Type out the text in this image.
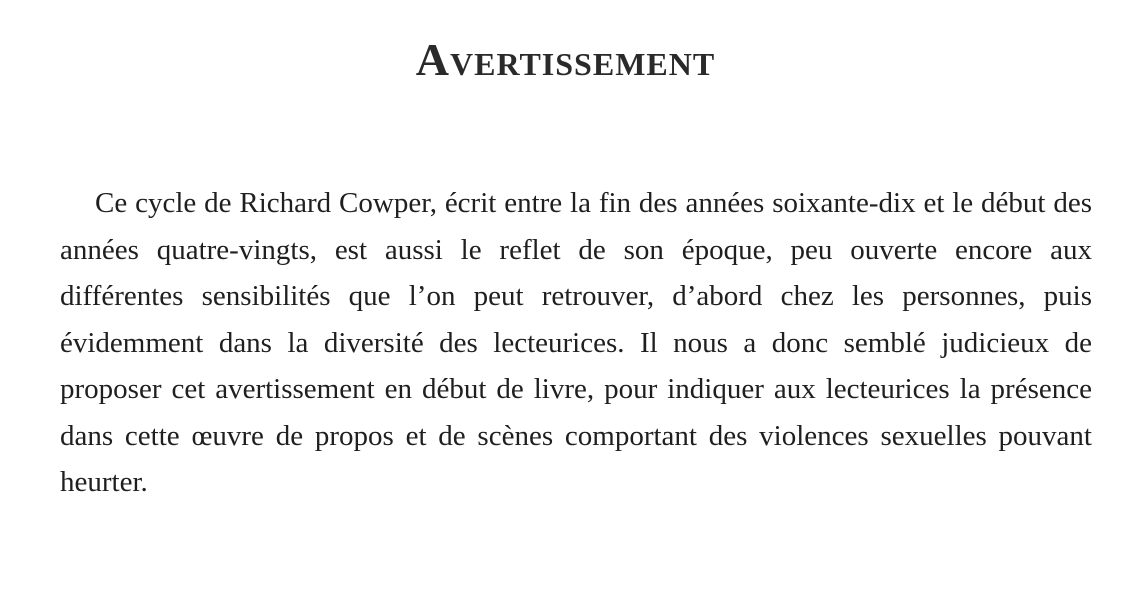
Avertissement

Ce cycle de Richard Cowper, écrit entre la fin des années soixante-dix et le début des années quatre-vingts, est aussi le reflet de son époque, peu ouverte encore aux différentes sensibilités que l’on peut retrouver, d’abord chez les personnes, puis évidemment dans la diversité des lecteurices. Il nous a donc semblé judicieux de proposer cet avertissement en début de livre, pour indiquer aux lecteurices la présence dans cette œuvre de propos et de scènes comportant des violences sexuelles pouvant heurter.
